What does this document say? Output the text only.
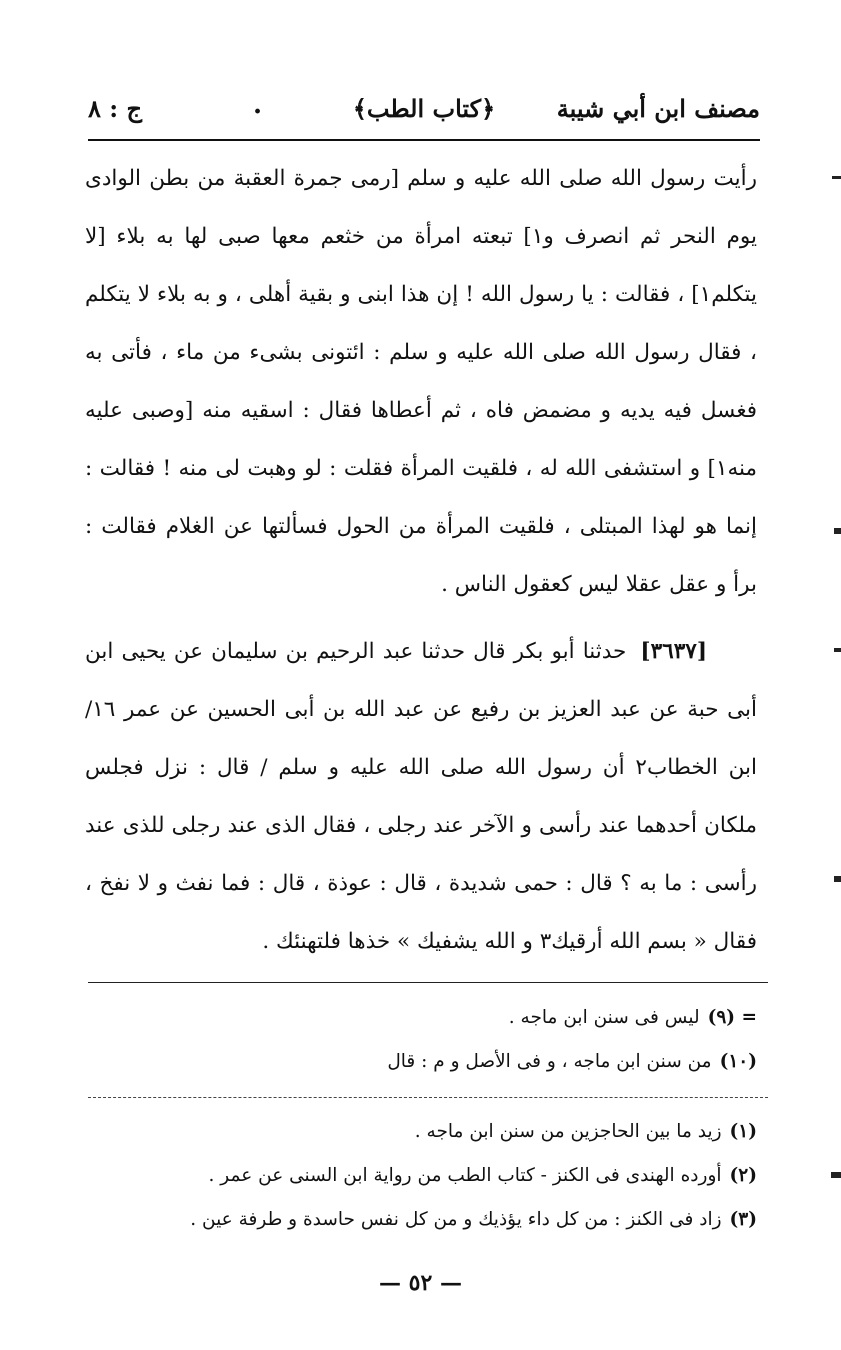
مصنف ابن أبي شيبة
﴿كتاب الطب﴾
.
ج : ٨
رأيت رسول الله صلى الله عليه و سلم [رمى جمرة العقبة من بطن الوادى يوم النحر ثم انصرف و١] تبعته امرأة من خثعم معها صبى لها به بلاء [لا يتكلم١] ، فقالت : يا رسول الله ! إن هذا ابنى و بقية أهلى ، و به بلاء لا يتكلم ، فقال رسول الله صلى الله عليه و سلم : ائتونى بشىء من ماء ، فأتى به فغسل فيه يديه و مضمض فاه ، ثم أعطاها فقال : اسقيه منه [وصبى عليه منه١] و استشفى الله له ، فلقيت المرأة فقلت : لو وهبت لى منه ! فقالت : إنما هو لهذا المبتلى ، فلقيت المرأة من الحول فسألتها عن الغلام فقالت : برأ و عقل عقلا ليس كعقول الناس .
[٣٦٣٧] حدثنا أبو بكر قال حدثنا عبد الرحيم بن سليمان عن يحيى ابن أبى حبة عن عبد العزيز بن رفيع عن عبد الله بن أبى الحسين عن عمر ١٦/ ابن الخطاب٢ أن رسول الله صلى الله عليه و سلم / قال : نزل فجلس ملكان أحدهما عند رأسى و الآخر عند رجلى ، فقال الذى عند رجلى للذى عند رأسى : ما به ؟ قال : حمى شديدة ، قال : عوذة ، قال : فما نفث و لا نفخ ، فقال « بسم الله أرقيك٣ و الله يشفيك » خذها فلتهنئك .
= (٩)ليس فى سنن ابن ماجه .
(١٠)من سنن ابن ماجه ، و فى الأصل و م : قال
(١)زيد ما بين الحاجزين من سنن ابن ماجه .
(٢)أورده الهندى فى الكنز - كتاب الطب من رواية ابن السنى عن عمر .
(٣)زاد فى الكنز : من كل داء يؤذيك و من كل نفس حاسدة و طرفة عين .
— ٥٢ —
